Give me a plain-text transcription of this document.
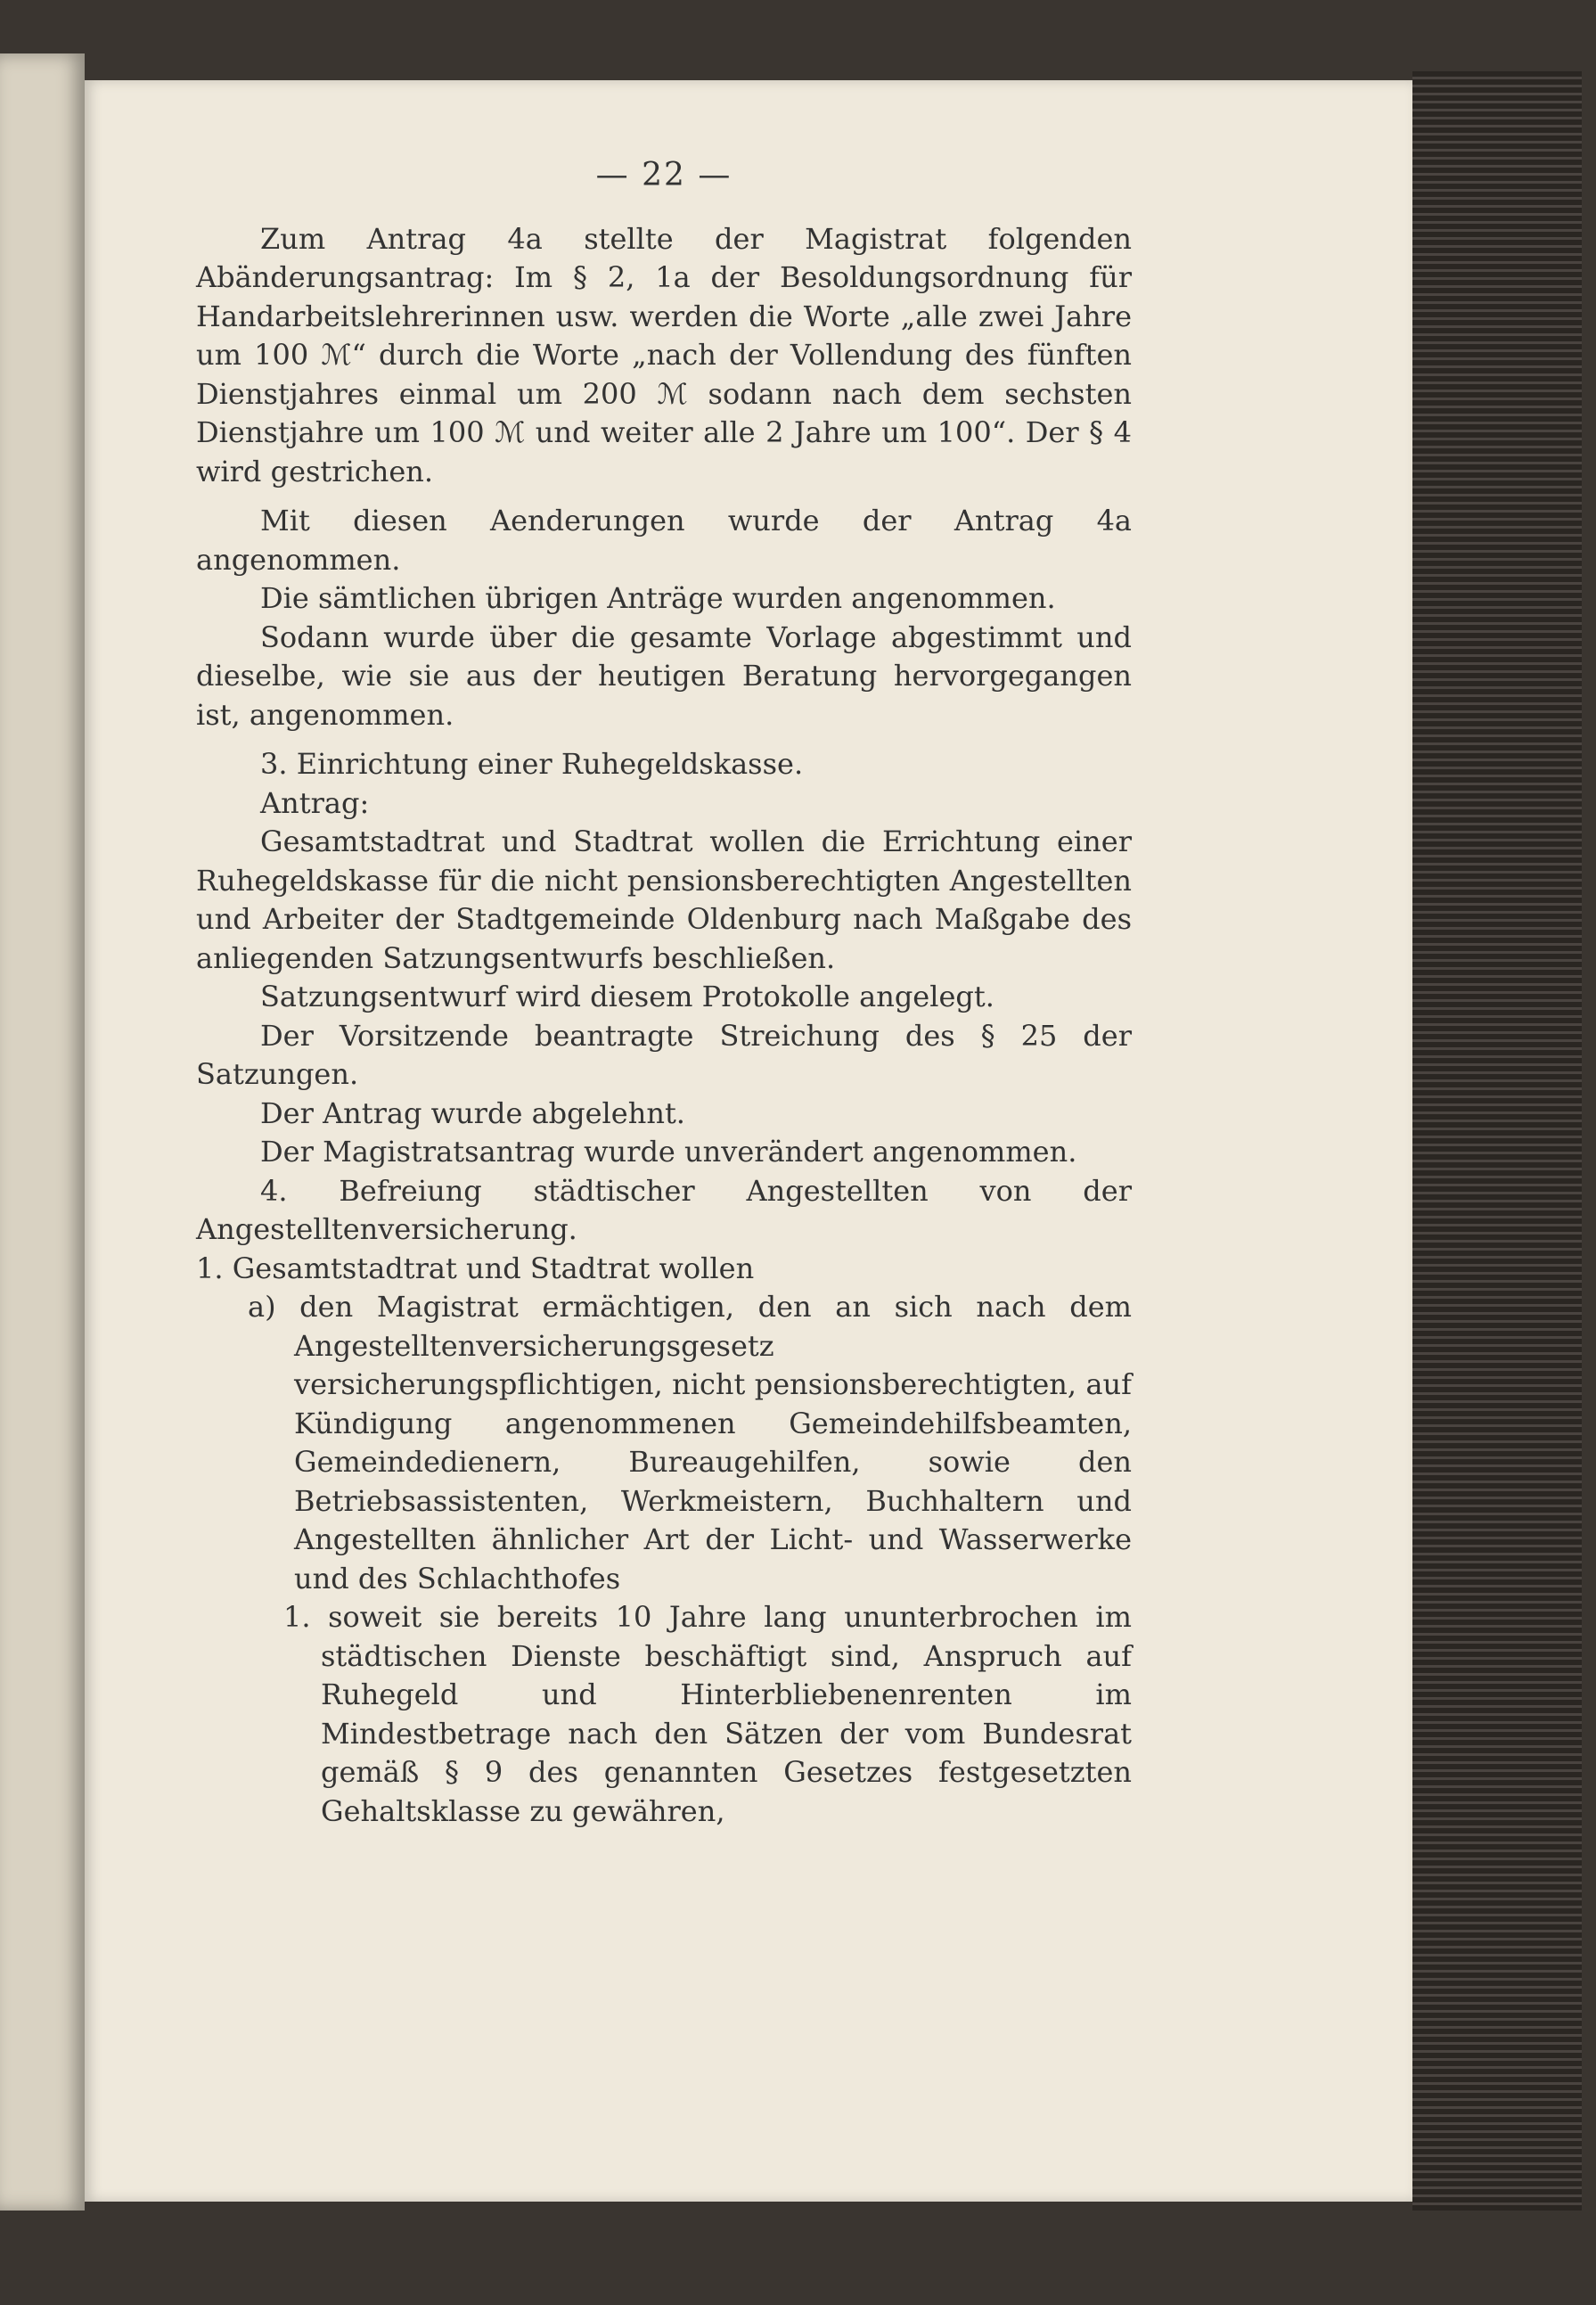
— 22 —

Zum Antrag 4a stellte der Magistrat folgenden Abänderungsantrag: Im § 2, 1a der Besoldungsordnung für Handarbeitslehrerinnen usw. werden die Worte „alle zwei Jahre um 100 ℳ“ durch die Worte „nach der Vollendung des fünften Dienstjahres einmal um 200 ℳ sodann nach dem sechsten Dienstjahre um 100 ℳ und weiter alle 2 Jahre um 100“. Der § 4 wird gestrichen.

Mit diesen Aenderungen wurde der Antrag 4a angenommen.

Die sämtlichen übrigen Anträge wurden angenommen.

Sodann wurde über die gesamte Vorlage abgestimmt und dieselbe, wie sie aus der heutigen Beratung hervorgegangen ist, angenommen.

3. Einrichtung einer Ruhegeldskasse.

Antrag:

Gesamtstadtrat und Stadtrat wollen die Errichtung einer Ruhegeldskasse für die nicht pensionsberechtigten Angestellten und Arbeiter der Stadtgemeinde Oldenburg nach Maßgabe des anliegenden Satzungsentwurfs beschließen.

Satzungsentwurf wird diesem Protokolle angelegt.

Der Vorsitzende beantragte Streichung des § 25 der Satzungen.

Der Antrag wurde abgelehnt.

Der Magistratsantrag wurde unverändert angenommen.

4. Befreiung städtischer Angestellten von der Angestelltenversicherung.

1. Gesamtstadtrat und Stadtrat wollen

a) den Magistrat ermächtigen, den an sich nach dem Angestelltenversicherungsgesetz versicherungspflichtigen, nicht pensionsberechtigten, auf Kündigung angenommenen Gemeindehilfsbeamten, Gemeindedienern, Bureaugehilfen, sowie den Betriebsassistenten, Werkmeistern, Buchhaltern und Angestellten ähnlicher Art der Licht- und Wasserwerke und des Schlachthofes

1. soweit sie bereits 10 Jahre lang ununterbrochen im städtischen Dienste beschäftigt sind, Anspruch auf Ruhegeld und Hinterbliebenenrenten im Mindestbetrage nach den Sätzen der vom Bundesrat gemäß § 9 des genannten Gesetzes festgesetzten Gehaltsklasse zu gewähren,
